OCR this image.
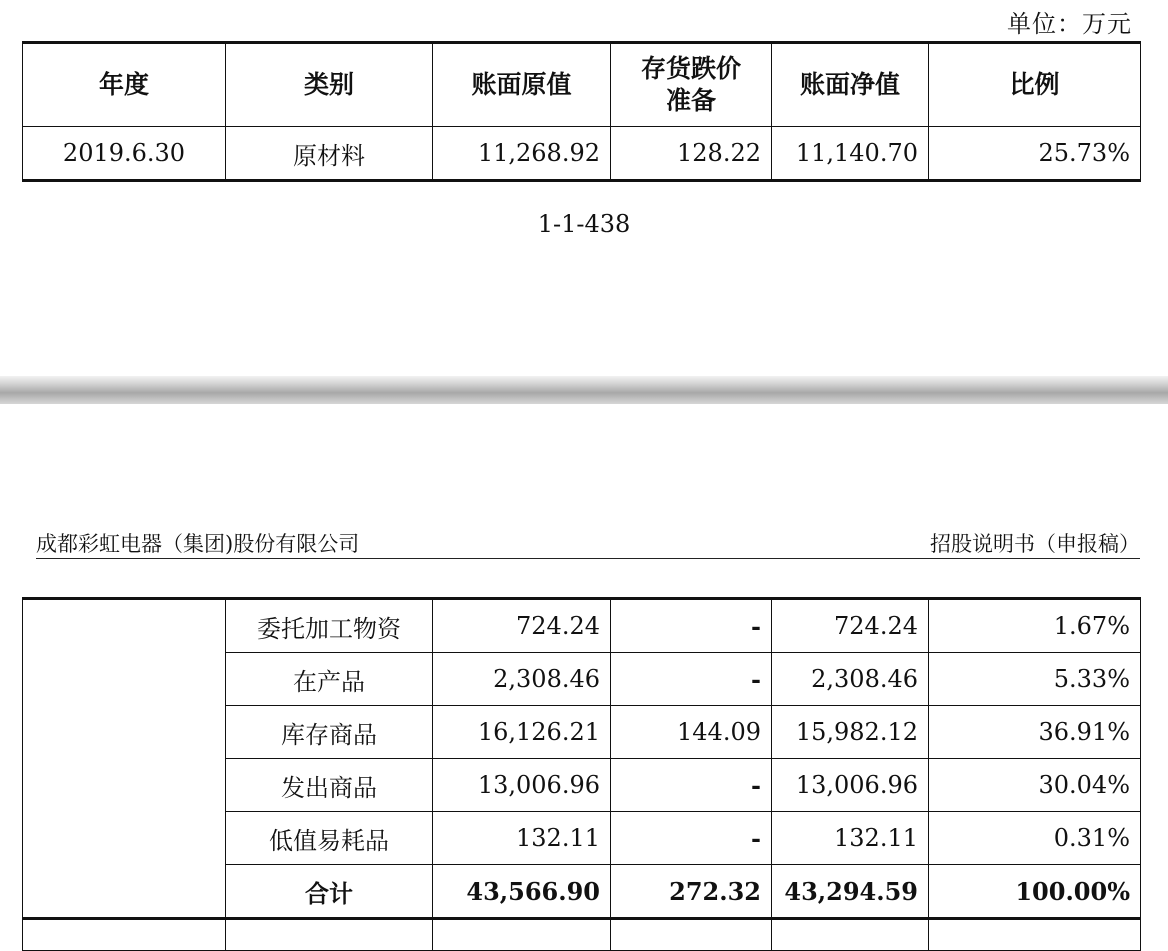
单位：万元
年度	类别	账面原值	存货跌价准备	账面净值	比例
2019.6.30	原材料	11,268.92	128.22	11,140.70	25.73%
1-1-438
成都彩虹电器（集团)股份有限公司	招股说明书（申报稿）
	委托加工物资	724.24	-	724.24	1.67%
	在产品	2,308.46	-	2,308.46	5.33%
	库存商品	16,126.21	144.09	15,982.12	36.91%
	发出商品	13,006.96	-	13,006.96	30.04%
	低值易耗品	132.11	-	132.11	0.31%
	合计	43,566.90	272.32	43,294.59	100.00%
